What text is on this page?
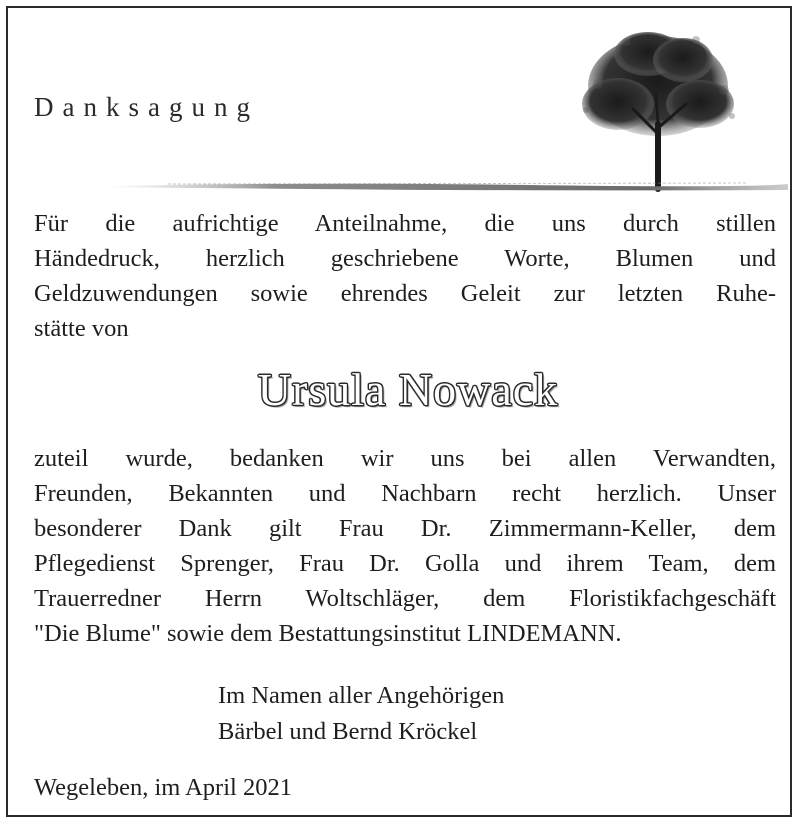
Danksagung
Für die aufrichtige Anteilnahme, die uns durch stillen
Händedruck, herzlich geschriebene Worte, Blumen und
Geldzuwendungen sowie ehrendes Geleit zur letzten Ruhe-
stätte von
Ursula Nowack
zuteil wurde, bedanken wir uns bei allen Verwandten,
Freunden, Bekannten und Nachbarn recht herzlich. Unser
besonderer Dank gilt Frau Dr. Zimmermann-Keller, dem
Pflegedienst Sprenger, Frau Dr. Golla und ihrem Team, dem
Trauerredner Herrn Woltschläger, dem Floristikfachgeschäft
"Die Blume" sowie dem Bestattungsinstitut LINDEMANN.
Im Namen aller Angehörigen
Bärbel und Bernd Kröckel
Wegeleben, im April 2021
